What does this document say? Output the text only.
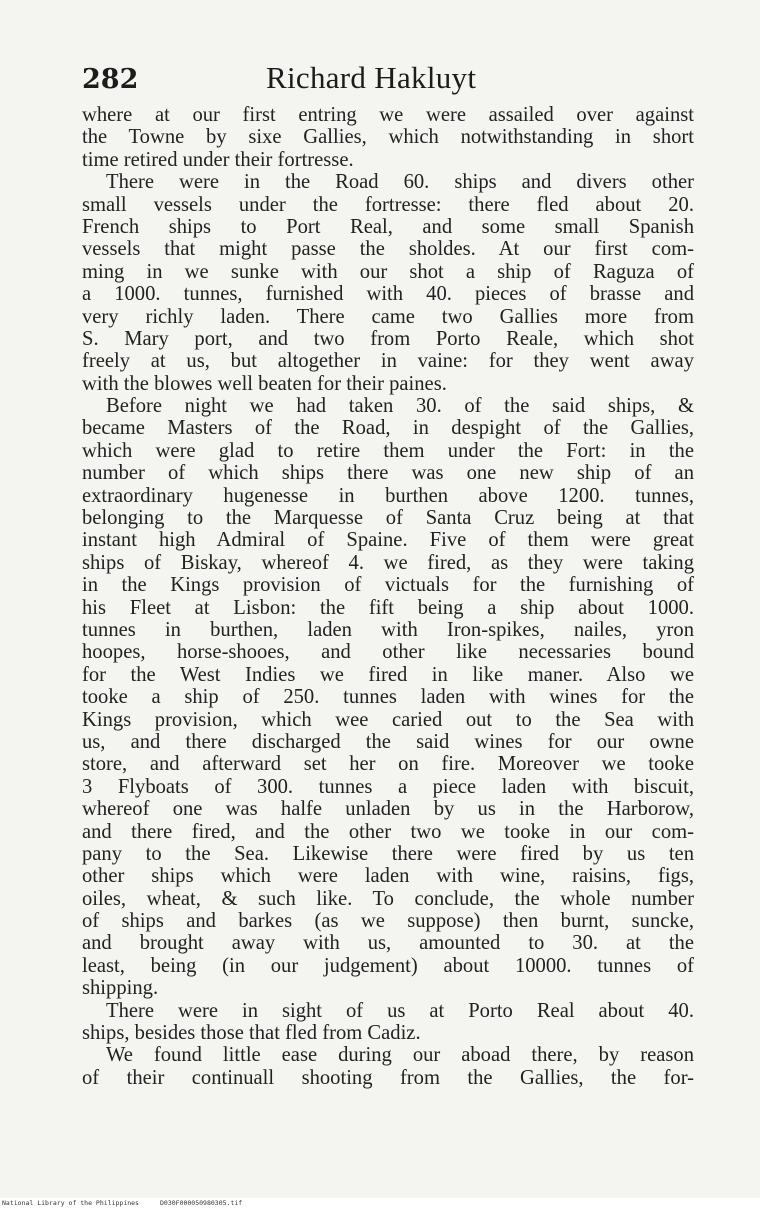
282	Richard Hakluyt
where at our first entring we were assailed over against
the Towne by sixe Gallies, which notwithstanding in short
time retired under their fortresse.
There were in the Road 60. ships and divers other
small vessels under the fortresse: there fled about 20.
French ships to Port Real, and some small Spanish
vessels that might passe the sholdes. At our first com-
ming in we sunke with our shot a ship of Raguza of
a 1000. tunnes, furnished with 40. pieces of brasse and
very richly laden. There came two Gallies more from
S. Mary port, and two from Porto Reale, which shot
freely at us, but altogether in vaine: for they went away
with the blowes well beaten for their paines.
Before night we had taken 30. of the said ships, &
became Masters of the Road, in despight of the Gallies,
which were glad to retire them under the Fort: in the
number of which ships there was one new ship of an
extraordinary hugenesse in burthen above 1200. tunnes,
belonging to the Marquesse of Santa Cruz being at that
instant high Admiral of Spaine. Five of them were great
ships of Biskay, whereof 4. we fired, as they were taking
in the Kings provision of victuals for the furnishing of
his Fleet at Lisbon: the fift being a ship about 1000.
tunnes in burthen, laden with Iron-spikes, nailes, yron
hoopes, horse-shooes, and other like necessaries bound
for the West Indies we fired in like maner. Also we
tooke a ship of 250. tunnes laden with wines for the
Kings provision, which wee caried out to the Sea with
us, and there discharged the said wines for our owne
store, and afterward set her on fire. Moreover we tooke
3 Flyboats of 300. tunnes a piece laden with biscuit,
whereof one was halfe unladen by us in the Harborow,
and there fired, and the other two we tooke in our com-
pany to the Sea. Likewise there were fired by us ten
other ships which were laden with wine, raisins, figs,
oiles, wheat, & such like. To conclude, the whole number
of ships and barkes (as we suppose) then burnt, suncke,
and brought away with us, amounted to 30. at the
least, being (in our judgement) about 10000. tunnes of
shipping.
There were in sight of us at Porto Real about 40.
ships, besides those that fled from Cadiz.
We found little ease during our aboad there, by reason
of their continuall shooting from the Gallies, the for-
National Library of the Philippines	D030F000050980305.tif
